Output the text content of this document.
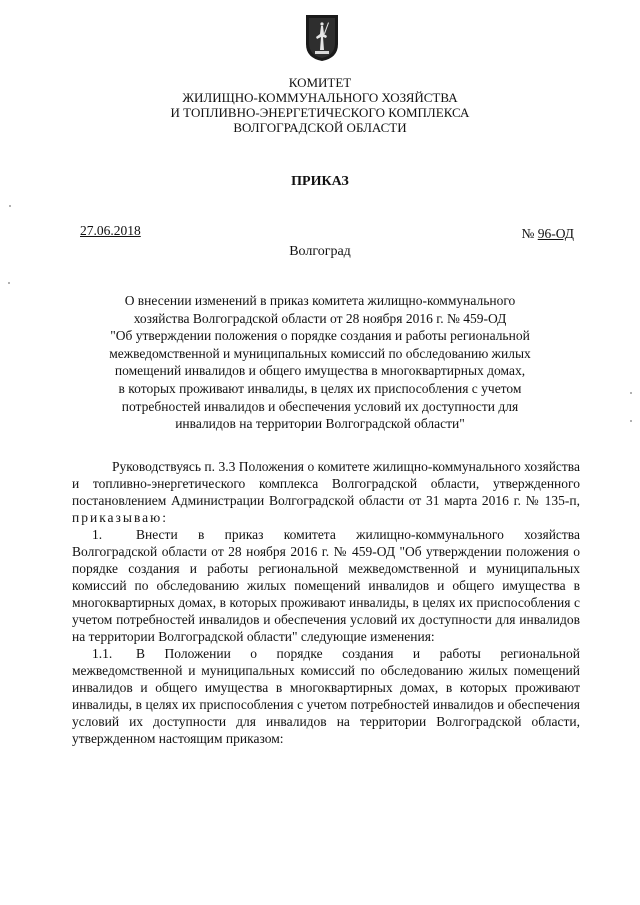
КОМИТЕТ
ЖИЛИЩНО-КОММУНАЛЬНОГО ХОЗЯЙСТВА
И ТОПЛИВНО-ЭНЕРГЕТИЧЕСКОГО КОМПЛЕКСА
ВОЛГОГРАДСКОЙ ОБЛАСТИ
ПРИКАЗ
27.06.2018	№ 96-ОД
Волгоград
О внесении изменений в приказ комитета жилищно-коммунального
хозяйства Волгоградской области от 28 ноября 2016 г. № 459-ОД
"Об утверждении положения о порядке создания и работы региональной
межведомственной и муниципальных комиссий по обследованию жилых
помещений инвалидов и общего имущества в многоквартирных домах,
в которых проживают инвалиды, в целях их приспособления с учетом
потребностей инвалидов и обеспечения условий их доступности для
инвалидов на территории Волгоградской области"

Руководствуясь п. 3.3 Положения о комитете жилищно-коммунального хозяйства и топливно-энергетического комплекса Волгоградской области, утвержденного постановлением Администрации Волгоградской области от 31 марта 2016 г. № 135-п, приказываю:

1.	Внести в приказ комитета жилищно-коммунального хозяйства Волгоградской области от 28 ноября 2016 г. № 459-ОД "Об утверждении положения о порядке создания и работы региональной межведомственной и муниципальных комиссий по обследованию жилых помещений инвалидов и общего имущества в многоквартирных домах, в которых проживают инвалиды, в целях их приспособления с учетом потребностей инвалидов и обеспечения условий их доступности для инвалидов на территории Волгоградской области" следующие изменения:

1.1. В Положении о порядке создания и работы региональной межведомственной и муниципальных комиссий по обследованию жилых помещений инвалидов и общего имущества в многоквартирных домах, в которых проживают инвалиды, в целях их приспособления с учетом потребностей инвалидов и обеспечения условий их доступности для инвалидов на территории Волгоградской области, утвержденном настоящим приказом:
